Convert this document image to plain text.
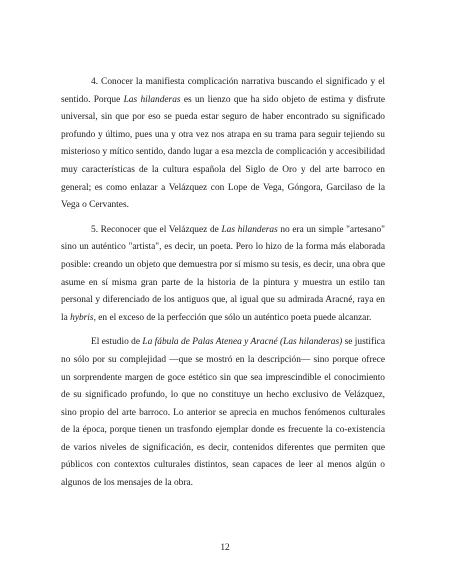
4. Conocer la manifiesta complicación narrativa buscando el significado y el sentido. Porque Las hilanderas es un lienzo que ha sido objeto de estima y disfrute universal, sin que por eso se pueda estar seguro de haber encontrado su significado profundo y último, pues una y otra vez nos atrapa en su trama para seguir tejiendo su misterioso y mítico sentido, dando lugar a esa mezcla de complicación y accesibilidad muy características de la cultura española del Siglo de Oro y del arte barroco en general; es como enlazar a Velázquez con Lope de Vega, Góngora, Garcilaso de la Vega o Cervantes.

5. Reconocer que el Velázquez de Las hilanderas no era un simple "artesano" sino un auténtico "artista", es decir, un poeta. Pero lo hizo de la forma más elaborada posible: creando un objeto que demuestra por sí mismo su tesis, es decir, una obra que asume en sí misma gran parte de la historia de la pintura y muestra un estilo tan personal y diferenciado de los antiguos que, al igual que su admirada Aracné, raya en la hybris, en el exceso de la perfección que sólo un auténtico poeta puede alcanzar.

El estudio de La fábula de Palas Atenea y Aracné (Las hilanderas) se justifica no sólo por su complejidad —que se mostró en la descripción— sino porque ofrece un sorprendente margen de goce estético sin que sea imprescindible el conocimiento de su significado profundo, lo que no constituye un hecho exclusivo de Velázquez, sino propio del arte barroco. Lo anterior se aprecia en muchos fenómenos culturales de la época, porque tienen un trasfondo ejemplar donde es frecuente la co-existencia de varios niveles de significación, es decir, contenidos diferentes que permiten que públicos con contextos culturales distintos, sean capaces de leer al menos algún o algunos de los mensajes de la obra.

12
